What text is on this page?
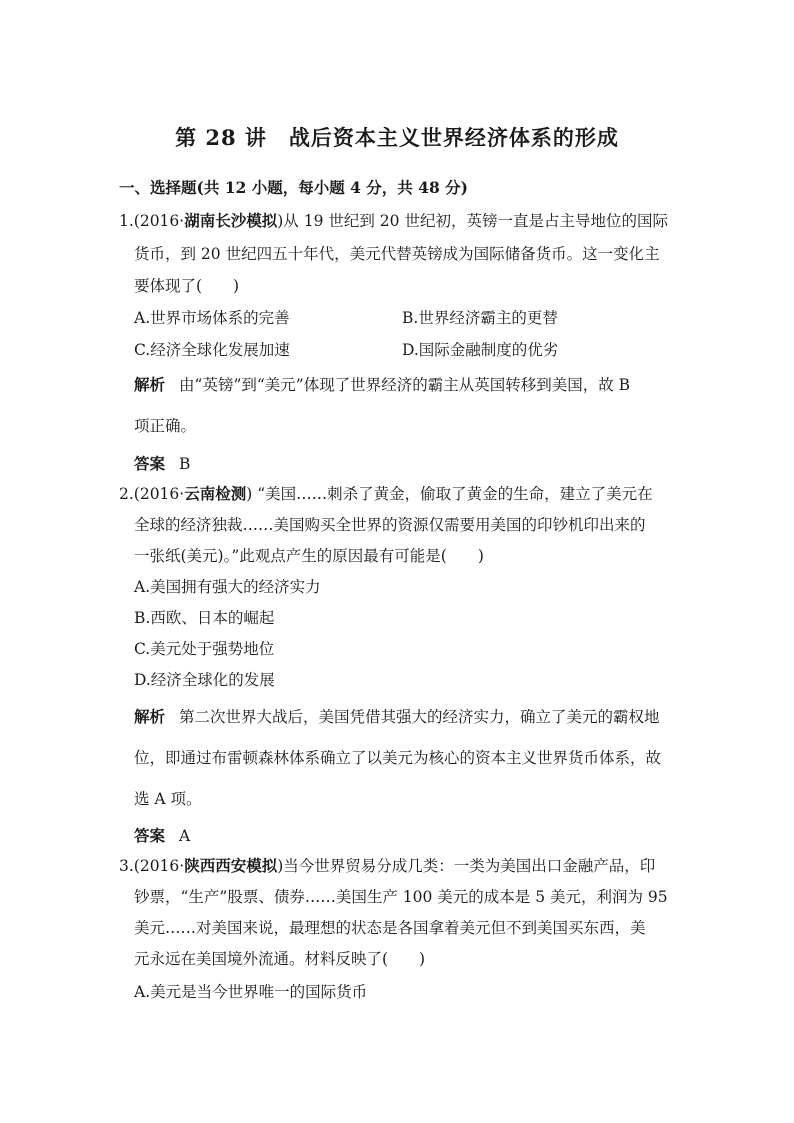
第 28 讲　战后资本主义世界经济体系的形成
一、选择题(共 12 小题，每小题 4 分，共 48 分)
1.(2016·湖南长沙模拟)从 19 世纪到 20 世纪初，英镑一直是占主导地位的国际
货币，到 20 世纪四五十年代，美元代替英镑成为国际储备货币。这一变化主
要体现了(　　)
A.世界市场体系的完善	B.世界经济霸主的更替
C.经济全球化发展加速	D.国际金融制度的优劣
解析 由“英镑”到“美元”体现了世界经济的霸主从英国转移到美国，故 B
项正确。
答案 B
2.(2016·云南检测) “美国……刺杀了黄金，偷取了黄金的生命，建立了美元在
全球的经济独裁……美国购买全世界的资源仅需要用美国的印钞机印出来的
一张纸(美元)。”此观点产生的原因最有可能是(　　)
A.美国拥有强大的经济实力
B.西欧、日本的崛起
C.美元处于强势地位
D.经济全球化的发展
解析 第二次世界大战后，美国凭借其强大的经济实力，确立了美元的霸权地
位，即通过布雷顿森林体系确立了以美元为核心的资本主义世界货币体系，故
选 A 项。
答案 A
3.(2016·陕西西安模拟)当今世界贸易分成几类：一类为美国出口金融产品，印
钞票，“生产”股票、债券……美国生产 100 美元的成本是 5 美元，利润为 95
美元……对美国来说，最理想的状态是各国拿着美元但不到美国买东西，美
元永远在美国境外流通。材料反映了(　　)
A.美元是当今世界唯一的国际货币
